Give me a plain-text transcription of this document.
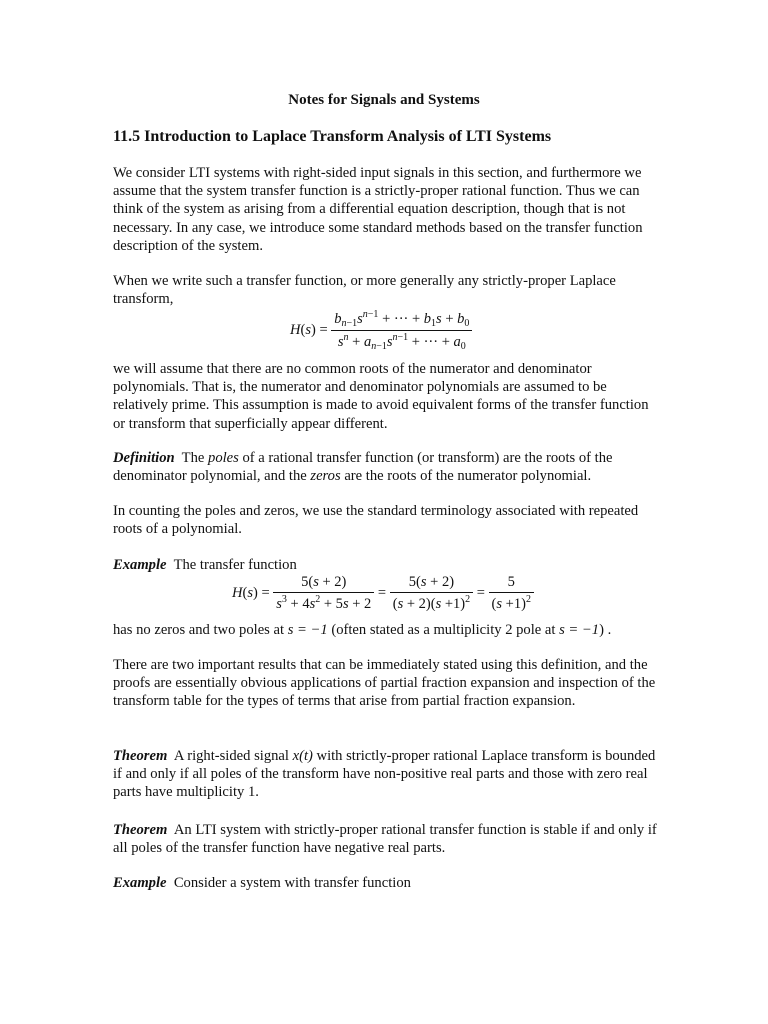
Notes for Signals and Systems
11.5 Introduction to Laplace Transform Analysis of LTI Systems
We consider LTI systems with right-sided input signals in this section, and furthermore we assume that the system transfer function is a strictly-proper rational function. Thus we can think of the system as arising from a differential equation description, though that is not necessary. In any case, we introduce some standard methods based on the transfer function description of the system.
When we write such a transfer function, or more generally any strictly-proper Laplace transform,
$H(s) = \frac{b_{n-1}s^{n-1} + \cdot\cdot\cdot + b_1s + b_0}{s^n + a_{n-1}s^{n-1} + \cdot\cdot\cdot + a_0}$
we will assume that there are no common roots of the numerator and denominator polynomials. That is, the numerator and denominator polynomials are assumed to be relatively prime. This assumption is made to avoid equivalent forms of the transfer function or transform that superficially appear different.
Definition The poles of a rational transfer function (or transform) are the roots of the denominator polynomial, and the zeros are the roots of the numerator polynomial.
In counting the poles and zeros, we use the standard terminology associated with repeated roots of a polynomial.
Example The transfer function
$H(s) = \frac{5(s + 2)}{s^3 + 4s^2 + 5s + 2} = \frac{5(s + 2)}{(s + 2)(s +1)^2} = \frac{5}{(s +1)^2}$
has no zeros and two poles at s = −1 (often stated as a multiplicity 2 pole at s = −1) .
There are two important results that can be immediately stated using this definition, and the proofs are essentially obvious applications of partial fraction expansion and inspection of the transform table for the types of terms that arise from partial fraction expansion.
Theorem A right-sided signal x(t) with strictly-proper rational Laplace transform is bounded if and only if all poles of the transform have non-positive real parts and those with zero real parts have multiplicity 1.
Theorem An LTI system with strictly-proper rational transfer function is stable if and only if all poles of the transfer function have negative real parts.
Example Consider a system with transfer function
